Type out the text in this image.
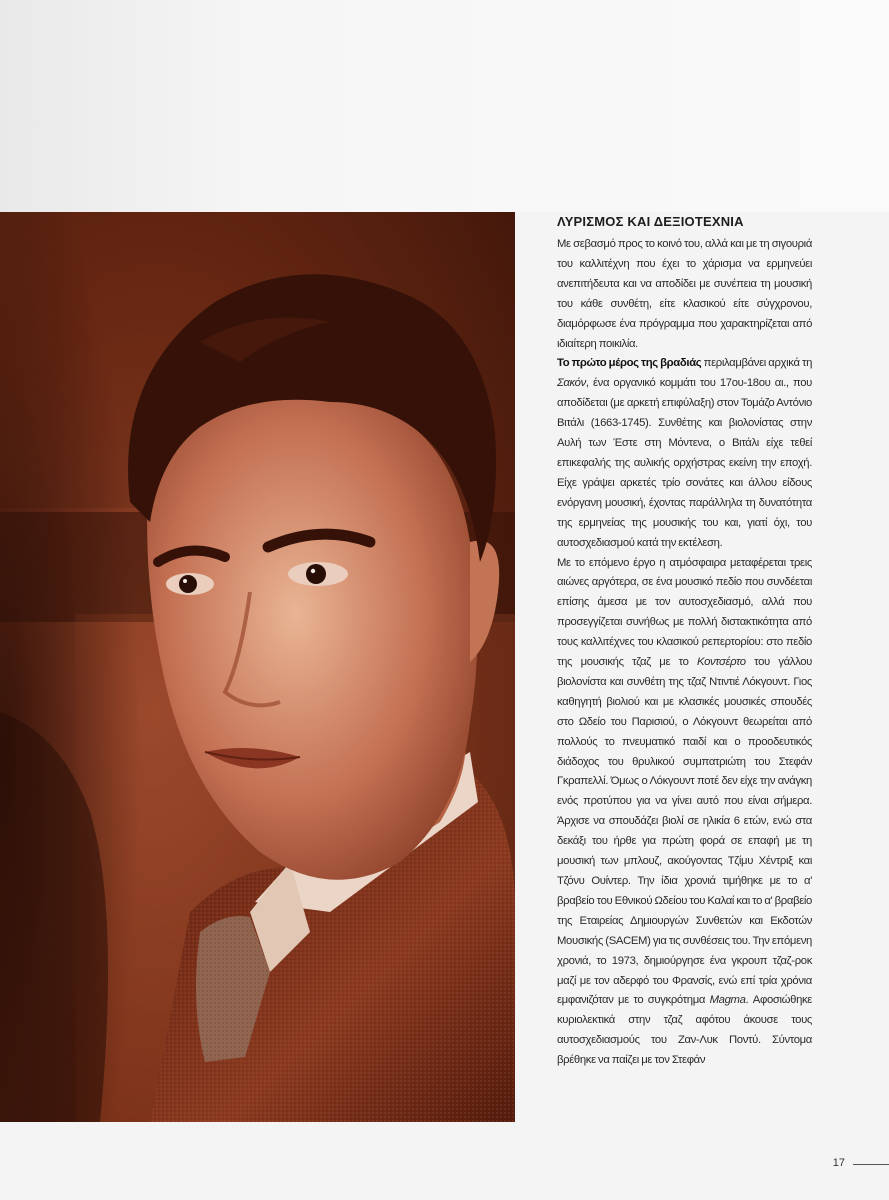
ΛΥΡΙΣΜΟΣ ΚΑΙ ΔΕΞΙΟΤΕΧΝΙΑ

Με σεβασμό προς το κοινό του, αλλά και με τη σιγουριά του καλλιτέχνη που έχει το χάρισμα να ερμηνεύει ανεπιτήδευτα και να αποδίδει με συνέπεια τη μουσική του κάθε συνθέτη, είτε κλασικού είτε σύγχρονου, διαμόρφωσε ένα πρόγραμμα που χαρακτηρίζεται από ιδιαίτερη ποικιλία.

Το πρώτο μέρος της βραδιάς περιλαμβάνει αρχικά τη Σακόν, ένα οργανικό κομμάτι του 17ου-18ου αι., που αποδίδεται (με αρκετή επιφύλαξη) στον Τομάζο Αντόνιο Βιτάλι (1663-1745). Συνθέτης και βιολονίστας στην Αυλή των Έστε στη Μόντενα, ο Βιτάλι είχε τεθεί επικεφαλής της αυλικής ορχήστρας εκείνη την εποχή. Είχε γράψει αρκετές τρίο σονάτες και άλλου είδους ενόργανη μουσική, έχοντας παράλληλα τη δυνατότητα της ερμηνείας της μουσικής του και, γιατί όχι, του αυτοσχεδιασμού κατά την εκτέλεση.

Με το επόμενο έργο η ατμόσφαιρα μεταφέρεται τρεις αιώνες αργότερα, σε ένα μουσικό πεδίο που συνδέεται επίσης άμεσα με τον αυτοσχεδιασμό, αλλά που προσεγγίζεται συνήθως με πολλή διστακτικότητα από τους καλλιτέχνες του κλασικού ρεπερτορίου: στο πεδίο της μουσικής τζαζ με το Κοντσέρτο του γάλλου βιολονίστα και συνθέτη της τζαζ Ντιντιέ Λόκγουντ. Γιος καθηγητή βιολιού και με κλασικές μουσικές σπουδές στο Ωδείο του Παρισιού, ο Λόκγουντ θεωρείται από πολλούς το πνευματικό παιδί και ο προοδευτικός διάδοχος του θρυλικού συμπατριώτη του Στεφάν Γκραπελλί. Όμως ο Λόκγουντ ποτέ δεν είχε την ανάγκη ενός προτύπου για να γίνει αυτό που είναι σήμερα. Άρχισε να σπουδάζει βιολί σε ηλικία 6 ετών, ενώ στα δεκάξι του ήρθε για πρώτη φορά σε επαφή με τη μουσική των μπλουζ, ακούγοντας Τζίμυ Χέντριξ και Τζόνυ Ουίντερ. Την ίδια χρονιά τιμήθηκε με το α' βραβείο του Εθνικού Ωδείου του Καλαί και το α' βραβείο της Εταιρείας Δημιουργών Συνθετών και Εκδοτών Μουσικής (SACEM) για τις συνθέσεις του. Την επόμενη χρονιά, το 1973, δημιούργησε ένα γκρουπ τζαζ-ροκ μαζί με τον αδερφό του Φρανσίς, ενώ επί τρία χρόνια εμφανιζόταν με το συγκρότημα Magma. Αφοσιώθηκε κυριολεκτικά στην τζαζ αφότου άκουσε τους αυτοσχεδιασμούς του Ζαν-Λυκ Ποντύ. Σύντομα βρέθηκε να παίζει με τον Στεφάν

17
